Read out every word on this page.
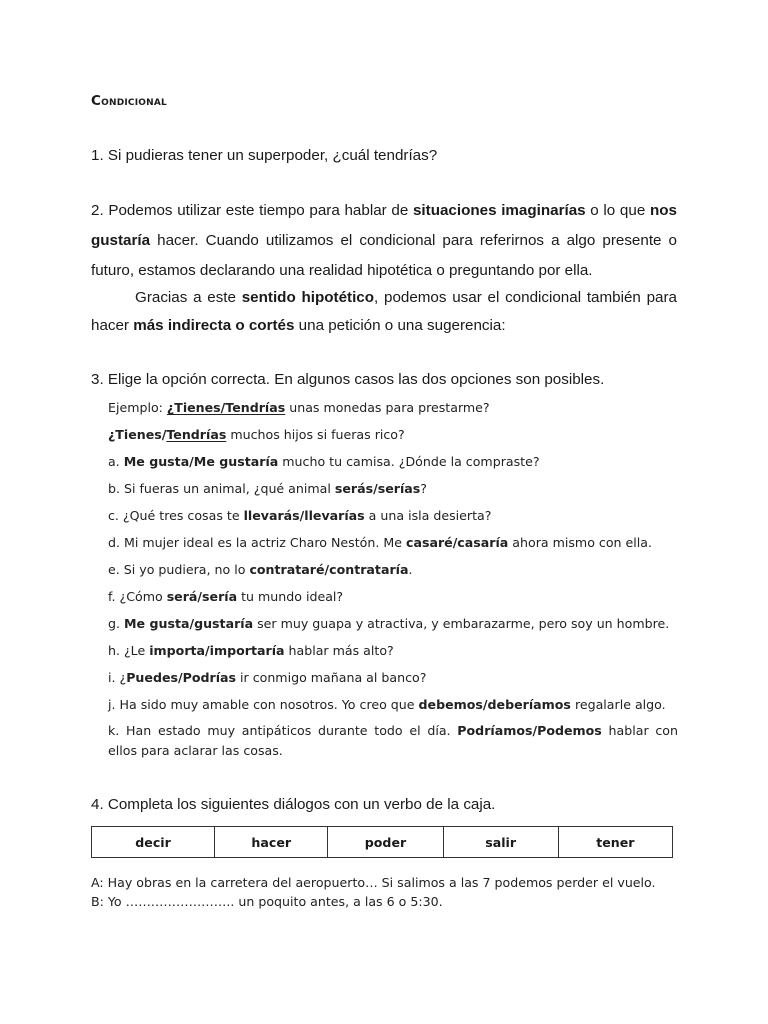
Condicional
1. Si pudieras tener un superpoder, ¿cuál tendrías?
2. Podemos utilizar este tiempo para hablar de situaciones imaginarías o lo que nos gustaría hacer. Cuando utilizamos el condicional para referirnos a algo presente o futuro, estamos declarando una realidad hipotética o preguntando por ella.
Gracias a este sentido hipotético, podemos usar el condicional también para hacer más indirecta o cortés una petición o una sugerencia:
3. Elige la opción correcta. En algunos casos las dos opciones son posibles.
Ejemplo: ¿Tienes/Tendrías unas monedas para prestarme?
¿Tienes/Tendrías muchos hijos si fueras rico?
a. Me gusta/Me gustaría mucho tu camisa. ¿Dónde la compraste?
b. Si fueras un animal, ¿qué animal serás/serías?
c. ¿Qué tres cosas te llevarás/llevarías a una isla desierta?
d. Mi mujer ideal es la actriz Charo Nestón. Me casaré/casaría ahora mismo con ella.
e. Si yo pudiera, no lo contrataré/contrataría.
f. ¿Cómo será/sería tu mundo ideal?
g. Me gusta/gustaría ser muy guapa y atractiva, y embarazarme, pero soy un hombre.
h. ¿Le importa/importaría hablar más alto?
i. ¿Puedes/Podrías ir conmigo mañana al banco?
j. Ha sido muy amable con nosotros. Yo creo que debemos/deberíamos regalarle algo.
k. Han estado muy antipáticos durante todo el día. Podríamos/Podemos hablar con ellos para aclarar las cosas.
4. Completa los siguientes diálogos con un verbo de la caja.
decir	hacer	poder	salir	tener
A: Hay obras en la carretera del aeropuerto… Si salimos a las 7 podemos perder el vuelo.
B: Yo …………………….. un poquito antes, a las 6 o 5:30.
